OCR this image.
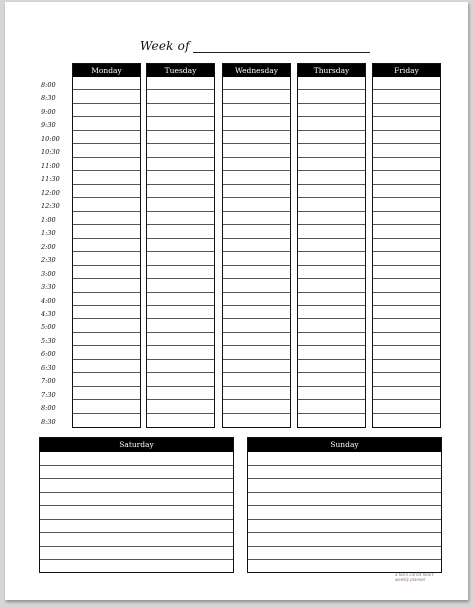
Week of
8:00
8:30
9:00
9:30
10:00
10:30
11:00
11:30
12:00
12:30
1:00
1:30
2:00
2:30
3:00
3:30
4:00
4:30
5:00
5:30
6:00
6:30
7:00
7:30
8:00
8:30
Monday	Tuesday	Wednesday	Thursday	Friday
Saturday	Sunday
a fox's carrot heart
weekly planner
